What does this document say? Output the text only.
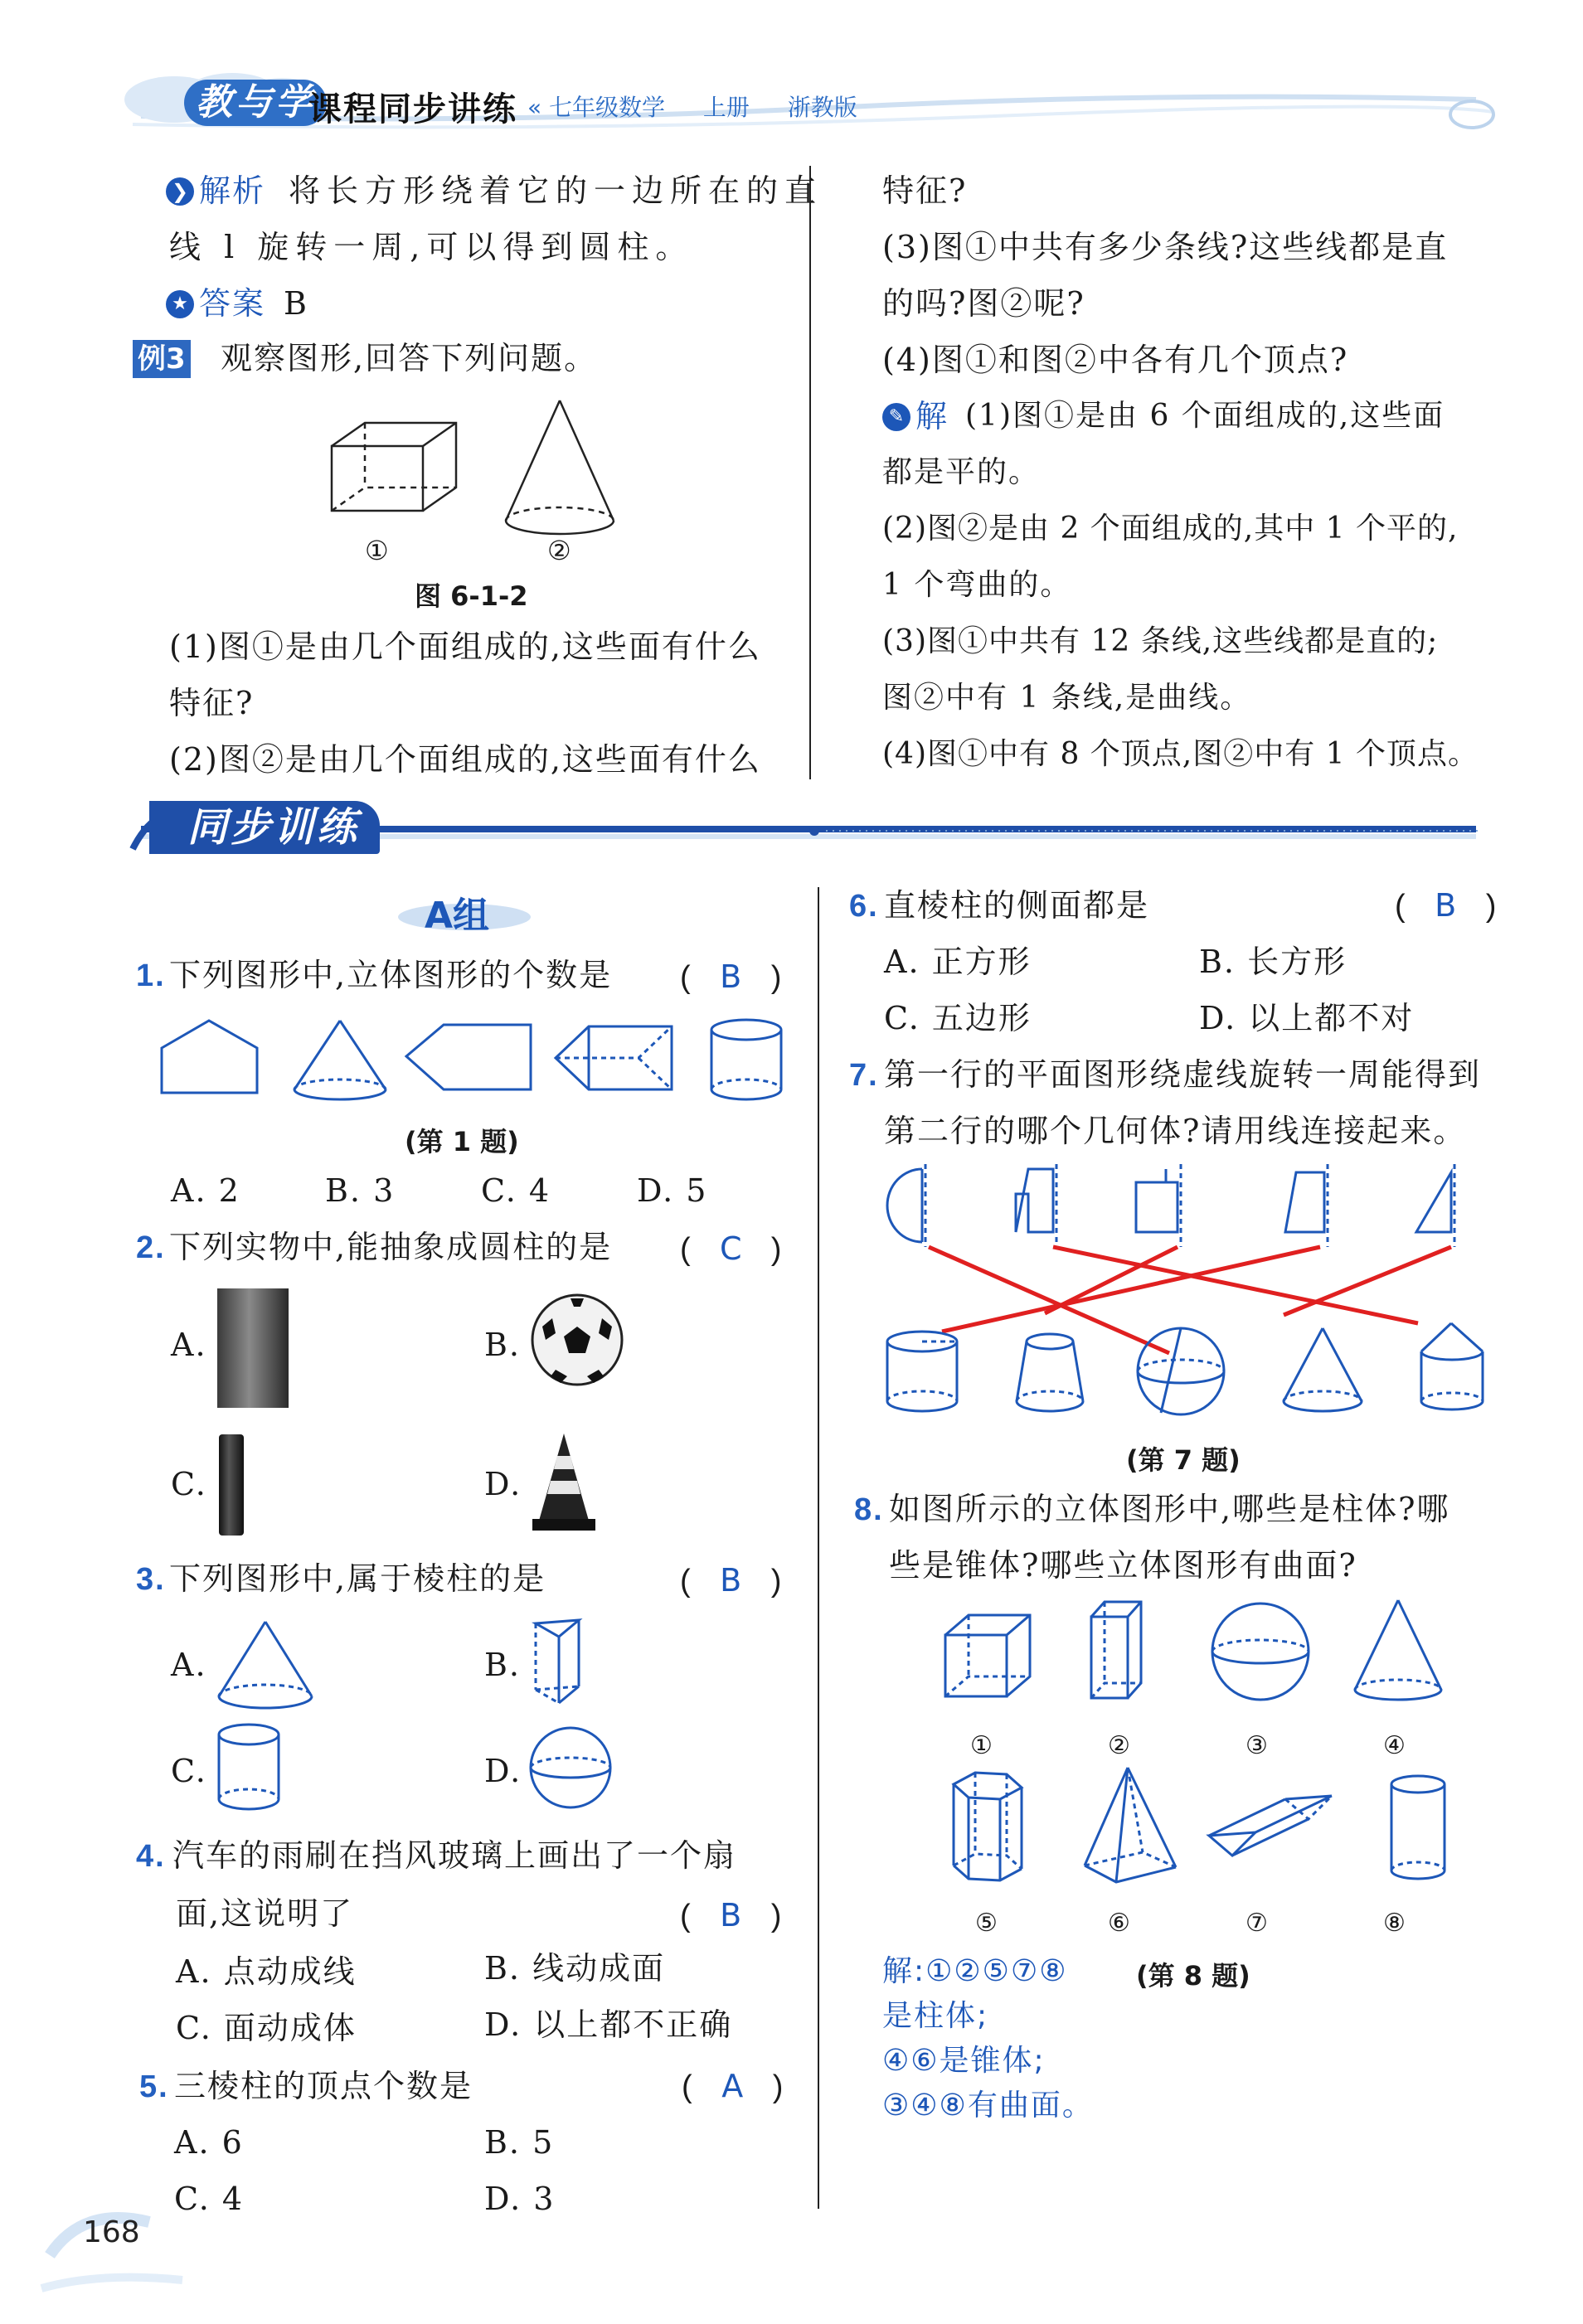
教与学
课程同步讲练 « 七年级数学 上册 浙教版
❯ 解析 将长方形绕着它的一边所在的直
线 l 旋转一周,可以得到圆柱。
★ 答案 B
例3 观察图形,回答下列问题。
①	②
图 6-1-2
(1)图①是由几个面组成的,这些面有什么
特征?
(2)图②是由几个面组成的,这些面有什么
特征?
(3)图①中共有多少条线?这些线都是直
的吗?图②呢?
(4)图①和图②中各有几个顶点?
✎ 解 (1)图①是由 6 个面组成的,这些面
都是平的。
(2)图②是由 2 个面组成的,其中 1 个平的,
1 个弯曲的。
(3)图①中共有 12 条线,这些线都是直的;
图②中有 1 条线,是曲线。
(4)图①中有 8 个顶点,图②中有 1 个顶点。
同步训练
A组
1. 下列图形中,立体图形的个数是 ( B )
(第 1 题)
A. 2	B. 3	C. 4	D. 5
2. 下列实物中,能抽象成圆柱的是 ( C )
A.	B.
C.	D.
3. 下列图形中,属于棱柱的是	( B )
A.	B.
C.	D.
4. 汽车的雨刷在挡风玻璃上画出了一个扇
面,这说明了	( B )
A. 点动成线	B. 线动成面
C. 面动成体	D. 以上都不正确
5. 三棱柱的顶点个数是	( A )
A. 6	B. 5
C. 4	D. 3
6. 直棱柱的侧面都是	( B )
A. 正方形	B. 长方形
C. 五边形	D. 以上都不对
7. 第一行的平面图形绕虚线旋转一周能得到
第二行的哪个几何体?请用线连接起来。
(第 7 题)
8. 如图所示的立体图形中,哪些是柱体?哪
些是锥体?哪些立体图形有曲面?
①	②	③	④
⑤	⑥	⑦	⑧
解:①②⑤⑦⑧	(第 8 题)
是柱体;
④⑥是锥体;
③④⑧有曲面。
168
